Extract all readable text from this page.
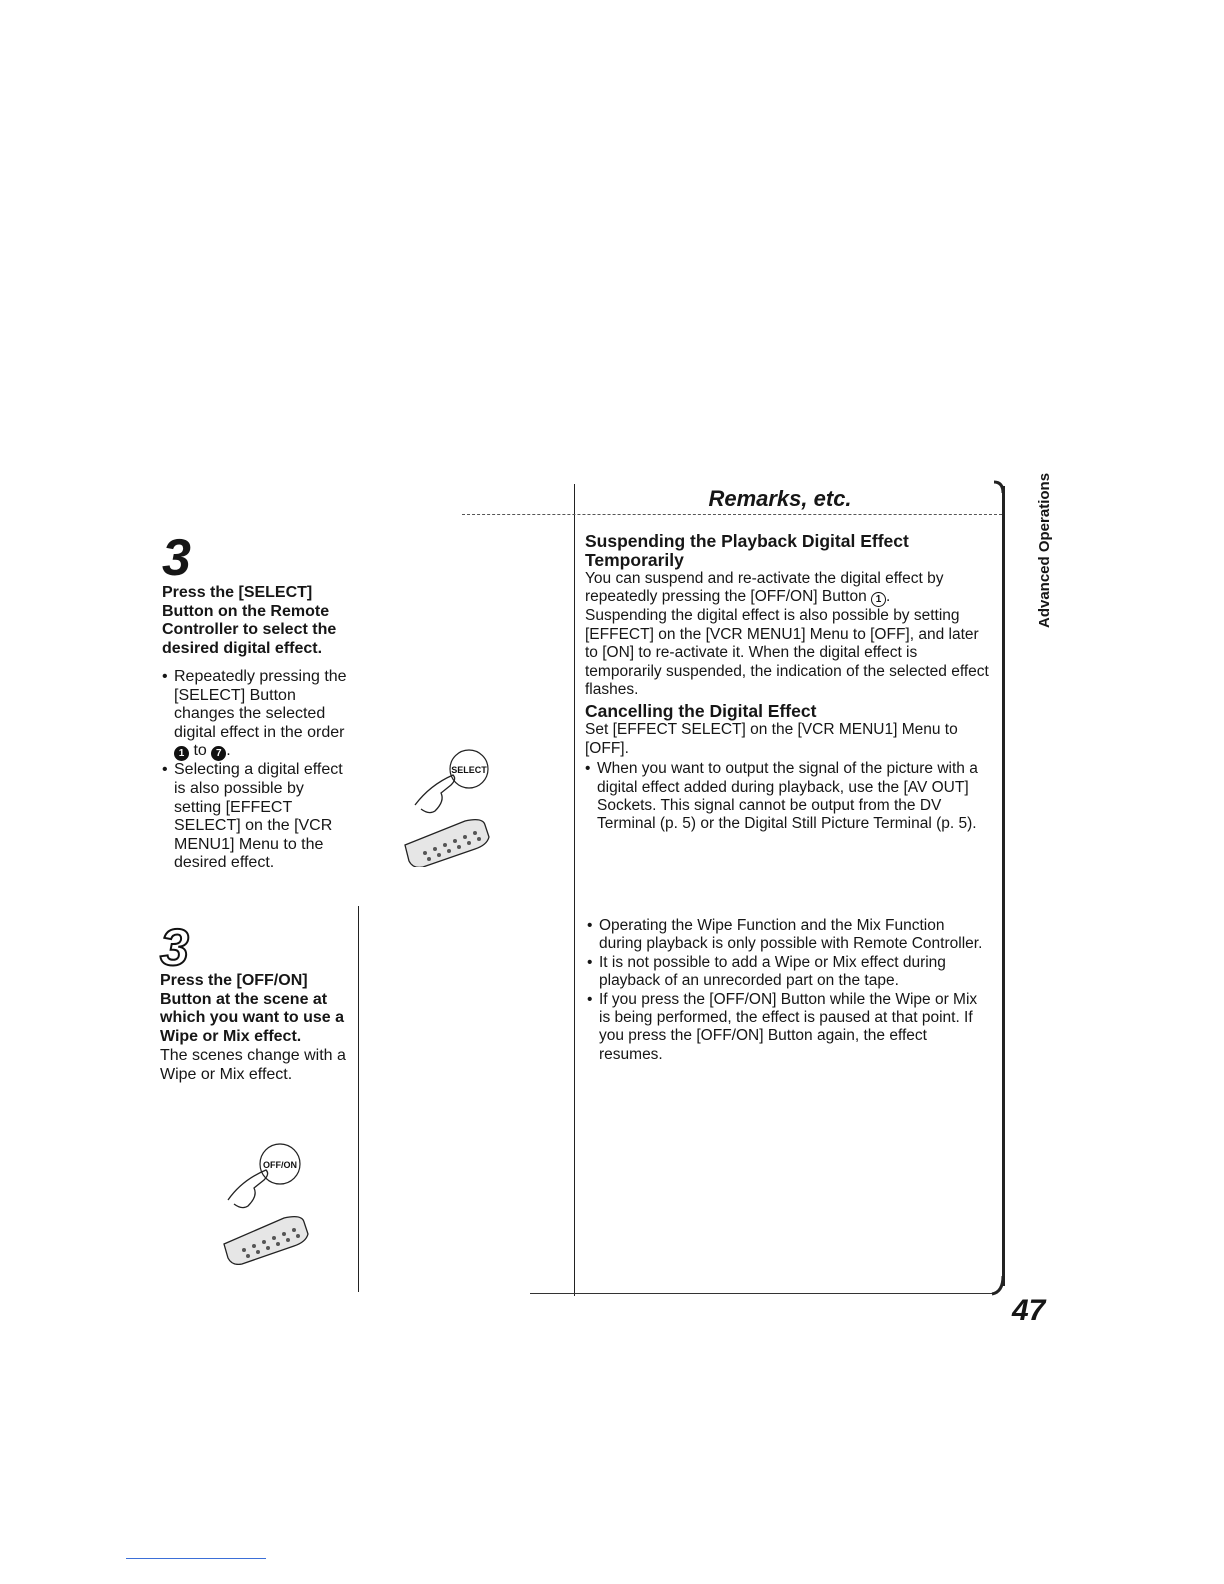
Advanced Operations
3
Press the [SELECT] Button on the Remote Controller to select the desired digital effect.
• Repeatedly pressing the [SELECT] Button changes the selected digital effect in the order 1 to 7 .
• Selecting a digital effect is also possible by setting [EFFECT SELECT] on the [VCR MENU1] Menu to the desired effect.
SELECT
3
Press the [OFF/ON] Button at the scene at which you want to use a Wipe or Mix effect.
The scenes change with a Wipe or Mix effect.
OFF/ON
Remarks, etc.
Suspending the Playback Digital Effect Temporarily
You can suspend and re-activate the digital effect by repeatedly pressing the [OFF/ON] Button 1 .
Suspending the digital effect is also possible by setting [EFFECT] on the [VCR MENU1] Menu to [OFF], and later to [ON] to re-activate it. When the digital effect is temporarily suspended, the indication of the selected effect flashes.
Cancelling the Digital Effect
Set [EFFECT SELECT] on the [VCR MENU1] Menu to [OFF].
• When you want to output the signal of the picture with a digital effect added during playback, use the [AV OUT] Sockets. This signal cannot be output from the DV Terminal (p. 5) or the Digital Still Picture Terminal (p. 5).
• Operating the Wipe Function and the Mix Function during playback is only possible with Remote Controller.
• It is not possible to add a Wipe or Mix effect during playback of an unrecorded part on the tape.
• If you press the [OFF/ON] Button while the Wipe or Mix is being performed, the effect is paused at that point. If you press the [OFF/ON] Button again, the effect resumes.
47
